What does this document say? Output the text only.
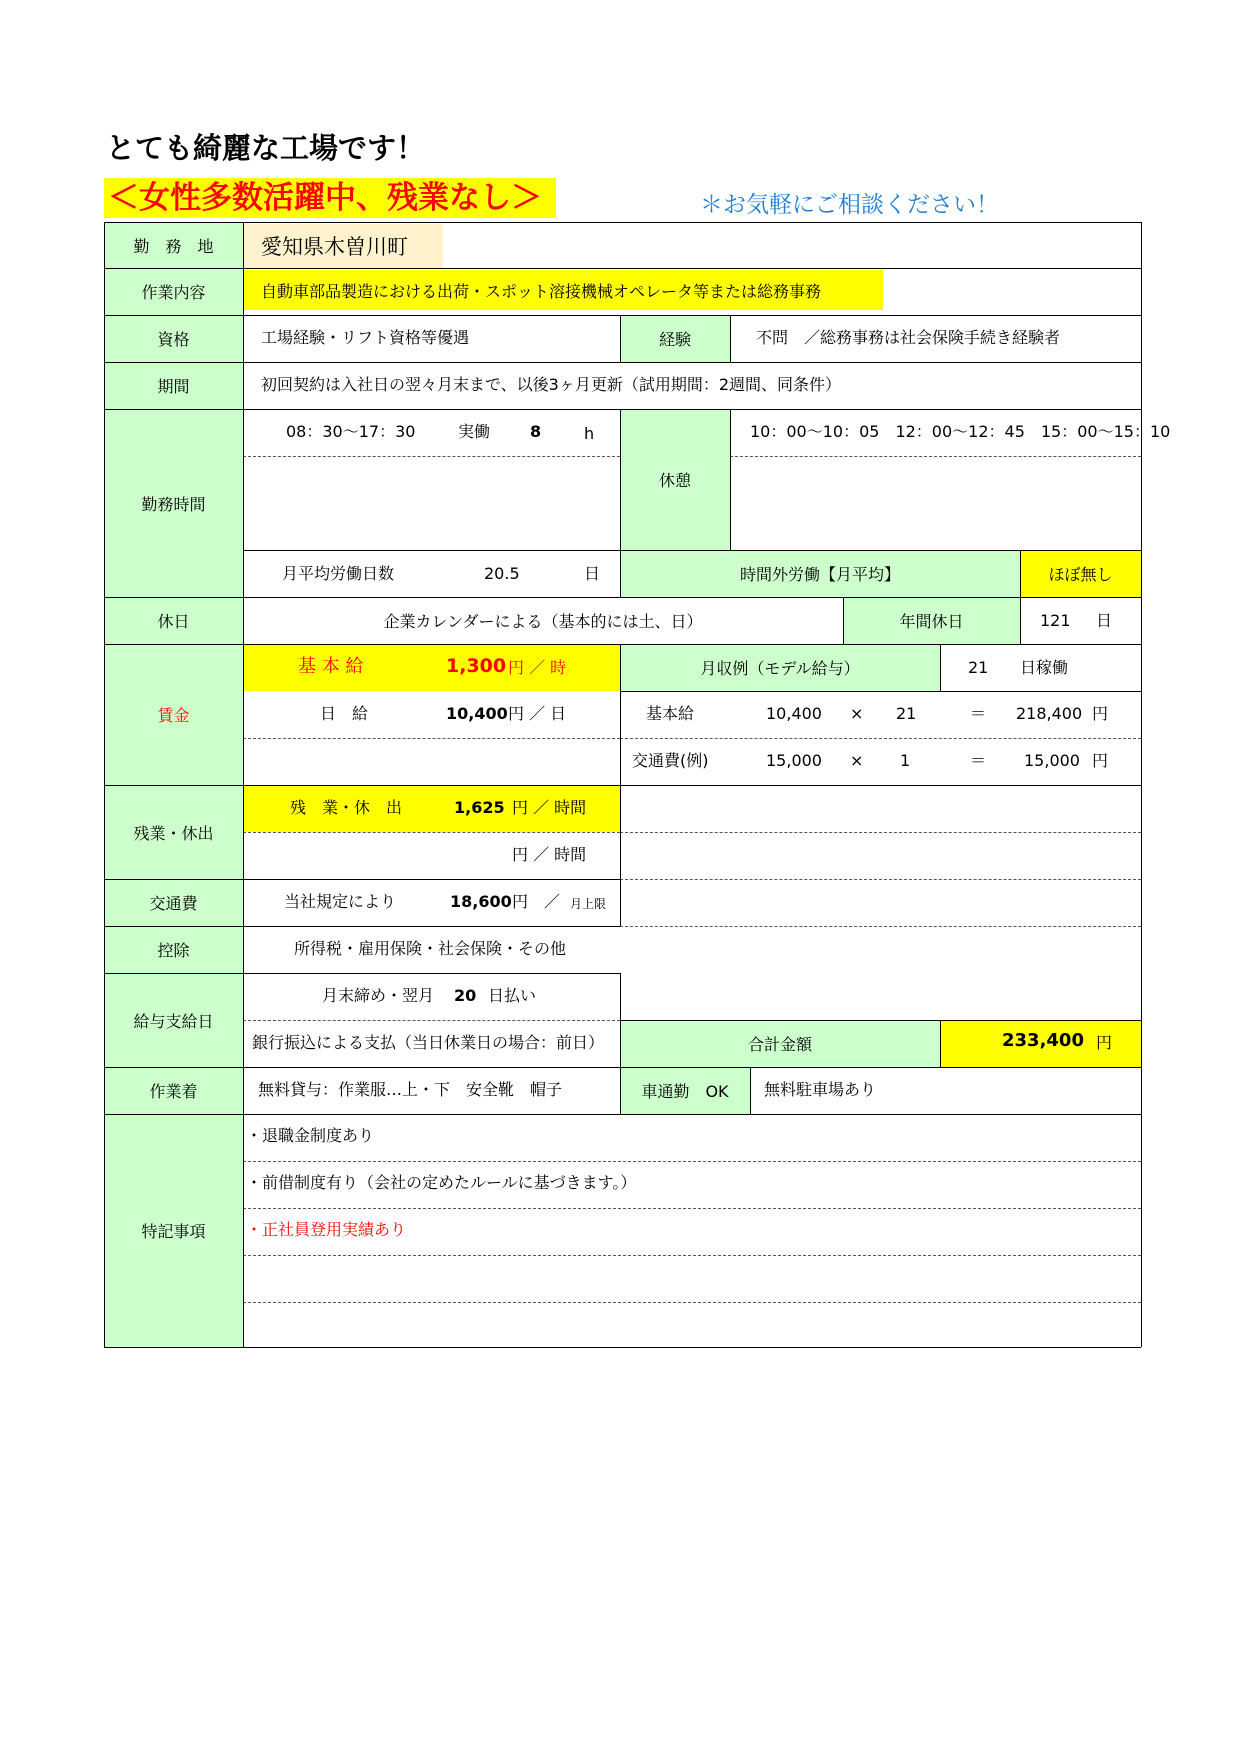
とても綺麗な工場です！
＜女性多数活躍中、残業なし＞	＊お気軽にご相談ください！
勤　務　地	愛知県木曽川町
作業内容	自動車部品製造における出荷・スポット溶接機械オペレータ等または総務事務
資格	工場経験・リフト資格等優遇	経験	不問　／総務事務は社会保険手続き経験者
期間	初回契約は入社日の翌々月末まで、以後3ヶ月更新（試用期間：2週間、同条件）
勤務時間
08：30～17：30	実働 8	h
休憩
10：00～10：05　12：00～12：45　15：00～15：10
月平均労働日数	20.5	日	時間外労働【月平均】	ほぼ無し
休日	企業カレンダーによる（基本的には土、日）	年間休日	121 日
賃金
基 本 給	1,300 円 ／ 時
日　給	10,400 円 ／ 日
月収例（モデル給与）	21 日稼働
基本給	10,400 × 21	＝ 218,400 円
交通費(例)	15,000 × 1	＝ 15,000 円
残業・休出
残　業・休　出	1,625 円 ／ 時間
円 ／ 時間
交通費	当社規定により	18,600 円　／ 月上限
控除	所得税・雇用保険・社会保険・その他
給与支給日
月末締め・翌月 20 日払い
銀行振込による支払（当日休業日の場合：前日）	合計金額	233,400 円
作業着	無料貸与：作業服…上・下　安全靴　帽子	車通勤　OK 無料駐車場あり
特記事項
・退職金制度あり
・前借制度有り（会社の定めたルールに基づきます。）
・正社員登用実績あり
